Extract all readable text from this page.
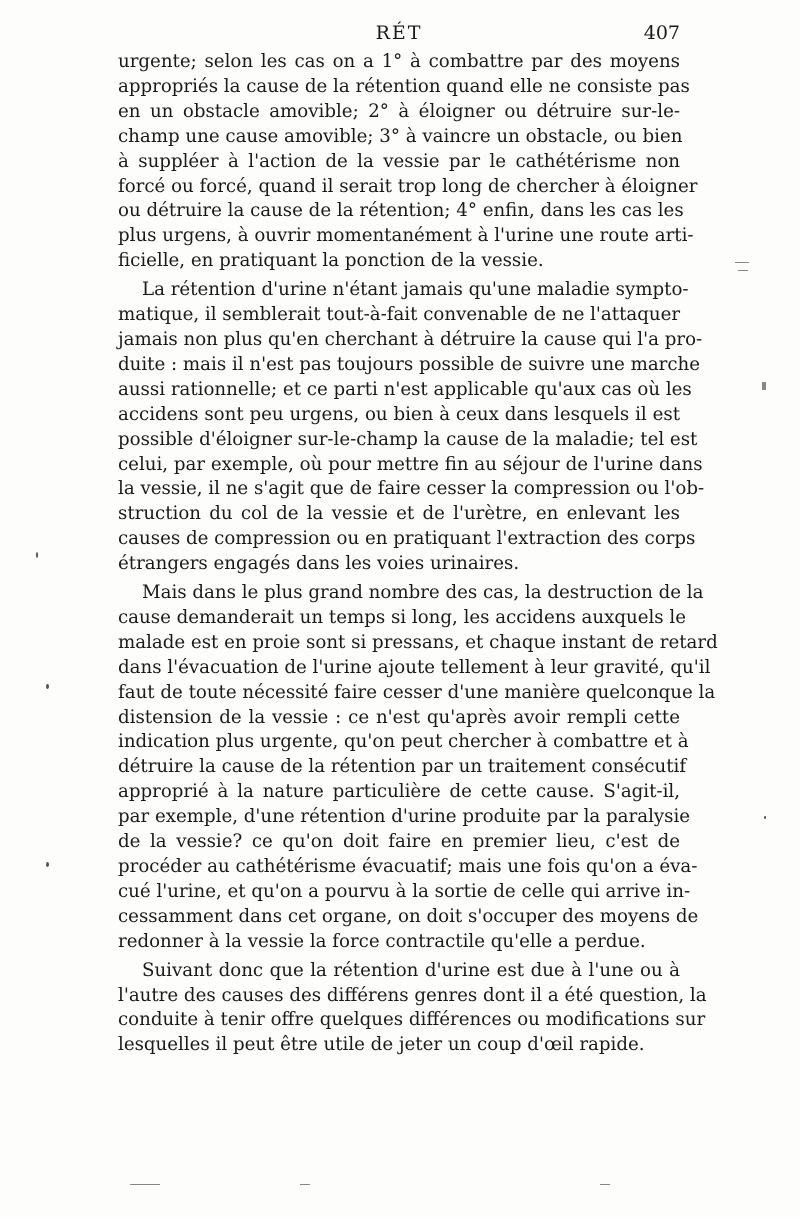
RÉT	407
urgente; selon les cas on a 1° à combattre par des moyens
appropriés la cause de la rétention quand elle ne consiste pas
en un obstacle amovible; 2° à éloigner ou détruire sur-le-
champ une cause amovible; 3° à vaincre un obstacle, ou bien
à suppléer à l'action de la vessie par le cathétérisme non
forcé ou forcé, quand il serait trop long de chercher à éloigner
ou détruire la cause de la rétention; 4° enfin, dans les cas les
plus urgens, à ouvrir momentanément à l'urine une route arti-
ficielle, en pratiquant la ponction de la vessie.
La rétention d'urine n'étant jamais qu'une maladie sympto-
matique, il semblerait tout-à-fait convenable de ne l'attaquer
jamais non plus qu'en cherchant à détruire la cause qui l'a pro-
duite : mais il n'est pas toujours possible de suivre une marche
aussi rationnelle; et ce parti n'est applicable qu'aux cas où les
accidens sont peu urgens, ou bien à ceux dans lesquels il est
possible d'éloigner sur-le-champ la cause de la maladie; tel est
celui, par exemple, où pour mettre fin au séjour de l'urine dans
la vessie, il ne s'agit que de faire cesser la compression ou l'ob-
struction du col de la vessie et de l'urètre, en enlevant les
causes de compression ou en pratiquant l'extraction des corps
étrangers engagés dans les voies urinaires.
Mais dans le plus grand nombre des cas, la destruction de la
cause demanderait un temps si long, les accidens auxquels le
malade est en proie sont si pressans, et chaque instant de retard
dans l'évacuation de l'urine ajoute tellement à leur gravité, qu'il
faut de toute nécessité faire cesser d'une manière quelconque la
distension de la vessie : ce n'est qu'après avoir rempli cette
indication plus urgente, qu'on peut chercher à combattre et à
détruire la cause de la rétention par un traitement consécutif
approprié à la nature particulière de cette cause. S'agit-il,
par exemple, d'une rétention d'urine produite par la paralysie
de la vessie? ce qu'on doit faire en premier lieu, c'est de
procéder au cathétérisme évacuatif; mais une fois qu'on a éva-
cué l'urine, et qu'on a pourvu à la sortie de celle qui arrive in-
cessamment dans cet organe, on doit s'occuper des moyens de
redonner à la vessie la force contractile qu'elle a perdue.
Suivant donc que la rétention d'urine est due à l'une ou à
l'autre des causes des différens genres dont il a été question, la
conduite à tenir offre quelques différences ou modifications sur
lesquelles il peut être utile de jeter un coup d'œil rapide.
